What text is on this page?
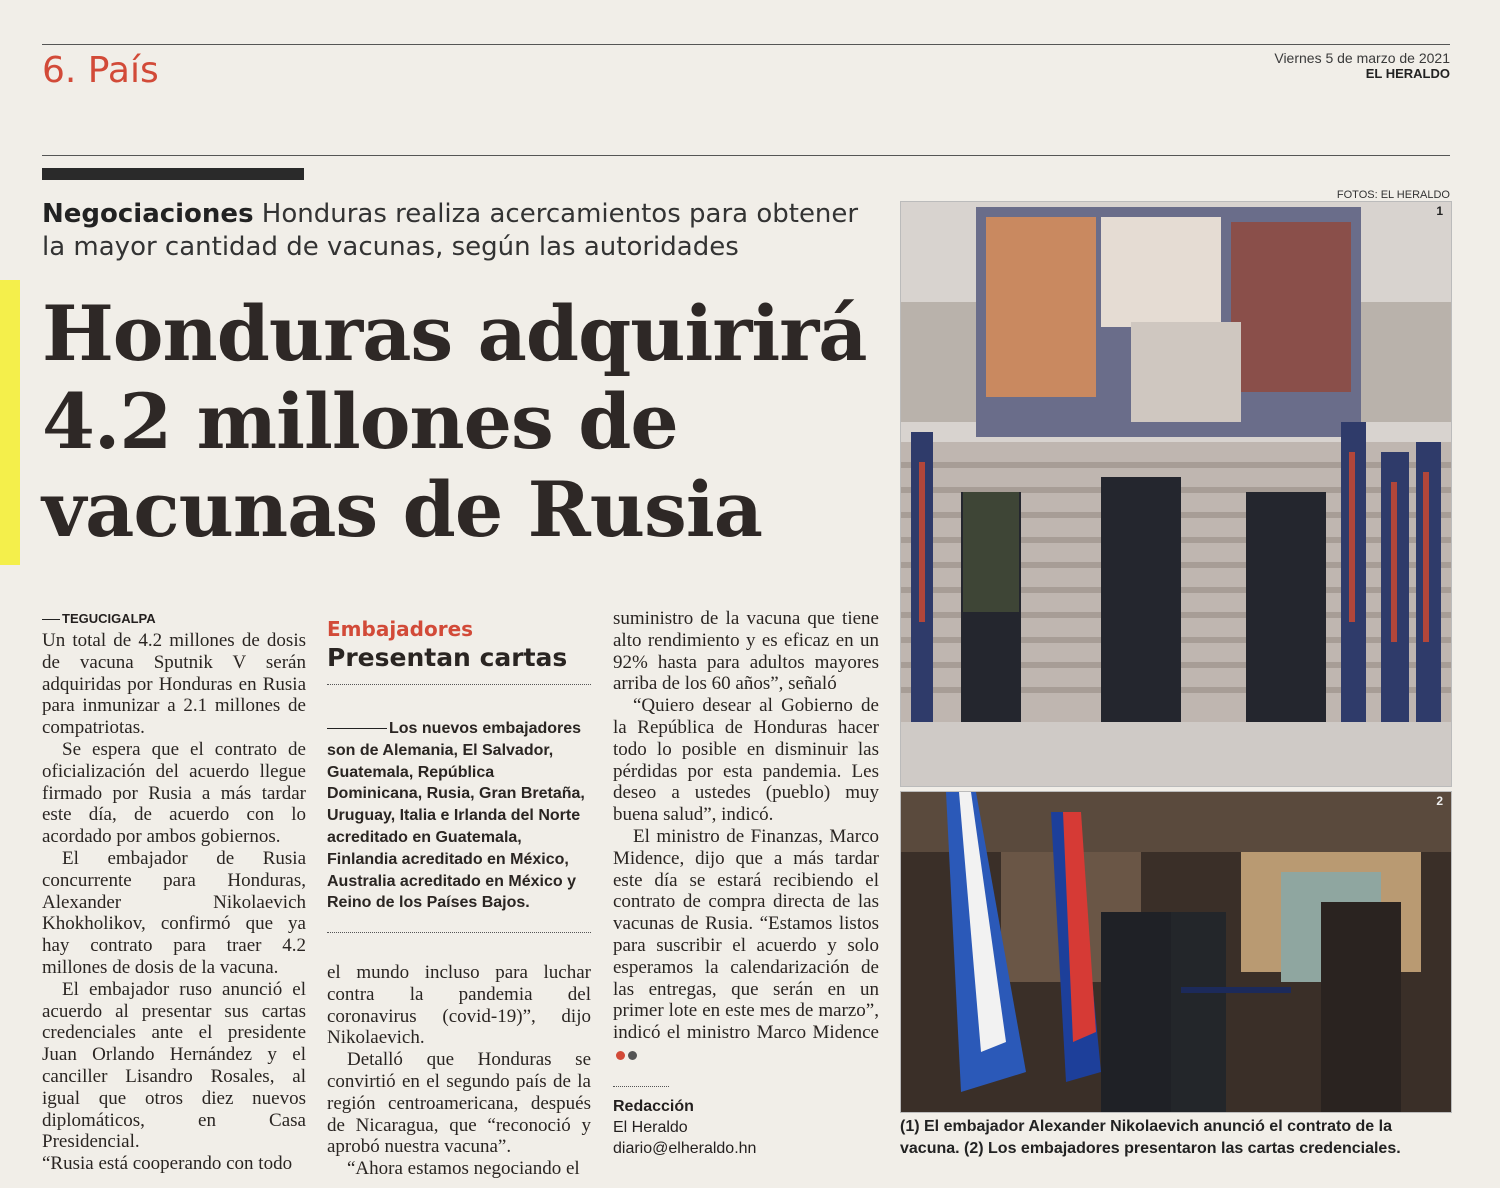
6. País	Viernes 5 de marzo de 2021
EL HERALDO
Negociaciones Honduras realiza acercamientos para obtener la mayor cantidad de vacunas, según las autoridades
Honduras adquirirá
4.2 millones de
vacunas de Rusia
TEGUCIGALPA

Un total de 4.2 millones de dosis de vacuna Sputnik V serán adquiridas por Honduras en Rusia para inmunizar a 2.1 millones de compatriotas.

Se espera que el contrato de oficialización del acuerdo llegue firmado por Rusia a más tardar este día, de acuerdo con lo acordado por ambos gobiernos.

El embajador de Rusia concurrente para Honduras, Alexander Nikolaevich Khokholikov, confirmó que ya hay contrato para traer 4.2 millones de dosis de la vacuna.

El embajador ruso anunció el acuerdo al presentar sus cartas credenciales ante el presidente Juan Orlando Hernández y el canciller Lisandro Rosales, al igual que otros diez nuevos diplomáticos, en Casa Presidencial.

“Rusia está cooperando con todo

Embajadores
Presentan cartas
Los nuevos embajadores son de Alemania, El Salvador, Guatemala, República Dominicana, Rusia, Gran Bretaña, Uruguay, Italia e Irlanda del Norte acreditado en Guatemala, Finlandia acreditado en México, Australia acreditado en México y Reino de los Países Bajos.

el mundo incluso para luchar contra la pandemia del coronavirus (covid-19)”, dijo Nikolaevich.

Detalló que Honduras se convirtió en el segundo país de la región centroamericana, después de Nicaragua, que “reconoció y aprobó nuestra vacuna”.

“Ahora estamos negociando el

suministro de la vacuna que tiene alto rendimiento y es eficaz en un 92% hasta para adultos mayores arriba de los 60 años”, señaló

“Quiero desear al Gobierno de la República de Honduras hacer todo lo posible en disminuir las pérdidas por esta pandemia. Les deseo a ustedes (pueblo) muy buena salud”, indicó.

El ministro de Finanzas, Marco Midence, dijo que a más tardar este día se estará recibiendo el contrato de compra directa de las vacunas de Rusia. “Estamos listos para suscribir el acuerdo y solo esperamos la calendarización de las entregas, que serán en un primer lote en este mes de marzo”, indicó el ministro Marco Midence

Redacción
El Heraldo
diario@elheraldo.hn
FOTOS: EL HERALDO
1
2
(1) El embajador Alexander Nikolaevich anunció el contrato de la vacuna. (2) Los embajadores presentaron las cartas credenciales.
